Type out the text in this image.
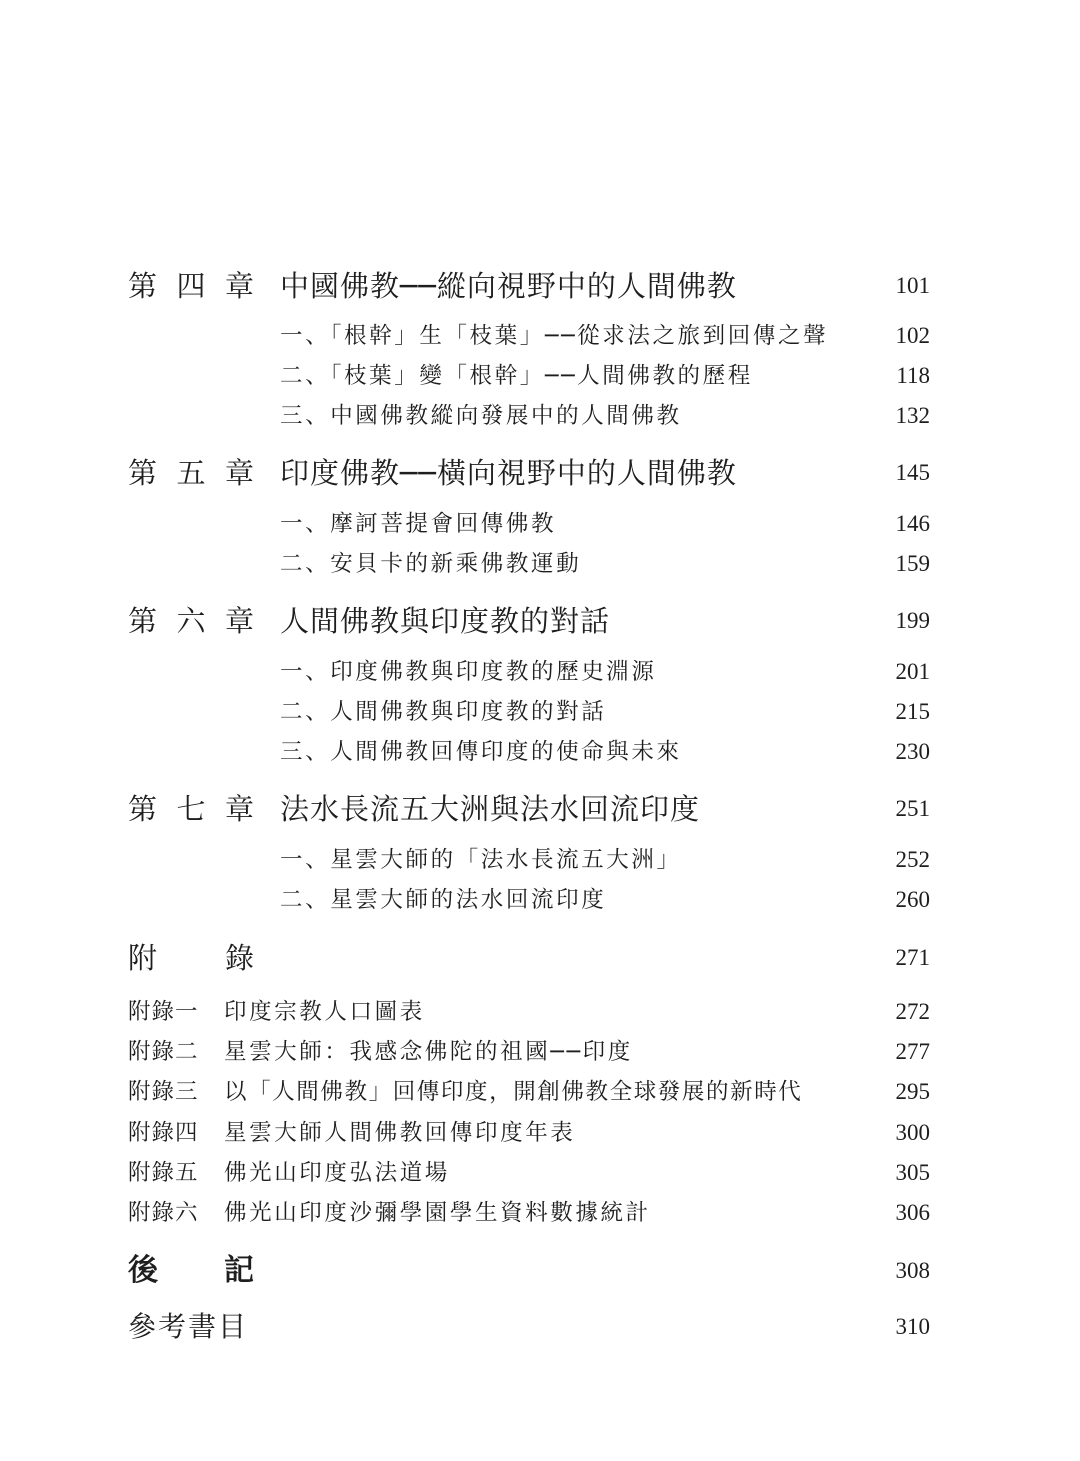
第 四 章 中國佛教──縱向視野中的人間佛教	101
一、「根幹」生「枝葉」──從求法之旅到回傳之聲	102
二、「枝葉」變「根幹」──人間佛教的歷程	118
三、中國佛教縱向發展中的人間佛教	132
第 五 章 印度佛教──橫向視野中的人間佛教	145
一、摩訶菩提會回傳佛教	146
二、安貝卡的新乘佛教運動	159
第 六 章 人間佛教與印度教的對話	199
一、印度佛教與印度教的歷史淵源	201
二、人間佛教與印度教的對話	215
三、人間佛教回傳印度的使命與未來	230
第 七 章 法水長流五大洲與法水回流印度	251
一、星雲大師的「法水長流五大洲」	252
二、星雲大師的法水回流印度	260
附 錄	271
附錄一 印度宗教人口圖表	272
附錄二 星雲大師：我感念佛陀的祖國──印度	277
附錄三 以「人間佛教」回傳印度，開創佛教全球發展的新時代	295
附錄四 星雲大師人間佛教回傳印度年表	300
附錄五 佛光山印度弘法道場	305
附錄六 佛光山印度沙彌學園學生資料數據統計	306
後 記	308
參考書目	310
